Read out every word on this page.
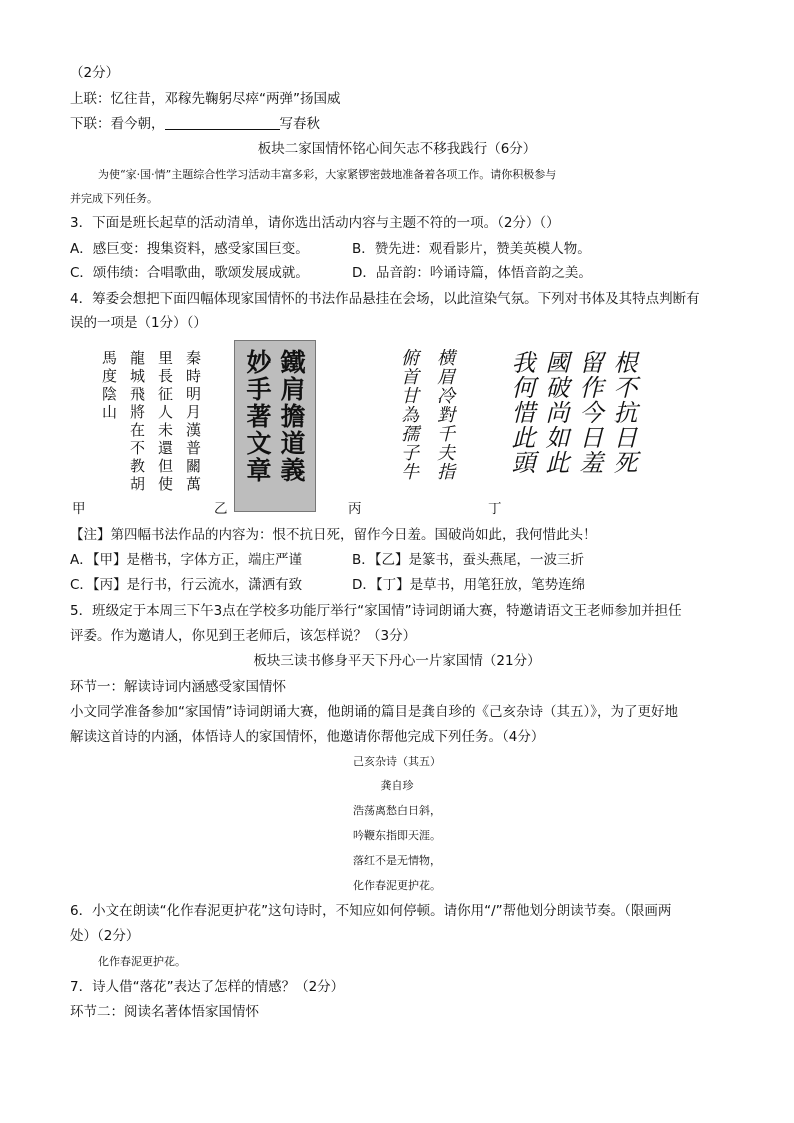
（2分）
上联：忆往昔，邓稼先鞠躬尽瘁“两弹”扬国威
下联：看今朝，	写春秋
板块二家国情怀铭心间矢志不移我践行（6分）
为使“家·国·情”主题综合性学习活动丰富多彩，大家紧锣密鼓地准备着各项工作。请你积极参与
并完成下列任务。
3．下面是班长起草的活动清单，请你选出活动内容与主题不符的一项。（2分）（）
A．感巨变：搜集资料，感受家国巨变。	B．赞先进：观看影片，赞美英模人物。
C．颂伟绩：合唱歌曲，歌颂发展成就。	D．品音韵：吟诵诗篇，体悟音韵之美。
4．筹委会想把下面四幅体现家国情怀的书法作品悬挂在会场，以此渲染气氛。下列对书体及其特点判断有
误的一项是（1分）（）
秦時明月漢普關萬
里長征人未還但使
龍城飛將在不教胡
馬度陰山
甲
鐵肩擔道義
妙手著文章
乙
横眉冷對千夫指
俯首甘為孺子牛
丙
根不抗日死
留作今日羞
國破尚如此
我何惜此頭
丁
【注】第四幅书法作品的内容为：恨不抗日死，留作今日羞。国破尚如此，我何惜此头！
A．【甲】是楷书，字体方正，端庄严谨	B．【乙】是篆书，蚕头燕尾，一波三折
C．【丙】是行书，行云流水，潇洒有致	D．【丁】是草书，用笔狂放，笔势连绵
5．班级定于本周三下午3点在学校多功能厅举行“家国情”诗词朗诵大赛，特邀请语文王老师参加并担任
评委。作为邀请人，你见到王老师后，该怎样说？（3分）
板块三读书修身平天下丹心一片家国情（21分）
环节一：解读诗词内涵感受家国情怀
小文同学准备参加“家国情”诗词朗诵大赛，他朗诵的篇目是龚自珍的《己亥杂诗（其五）》，为了更好地
解读这首诗的内涵，体悟诗人的家国情怀，他邀请你帮他完成下列任务。（4分）
己亥杂诗（其五）
龚自珍
浩荡离愁白日斜，
吟鞭东指即天涯。
落红不是无情物，
化作春泥更护花。
6．小文在朗读“化作春泥更护花”这句诗时，不知应如何停顿。请你用“/”帮他划分朗读节奏。（限画两
处）（2分）
化作春泥更护花。
7．诗人借“落花”表达了怎样的情感？（2分）
环节二：阅读名著体悟家国情怀
